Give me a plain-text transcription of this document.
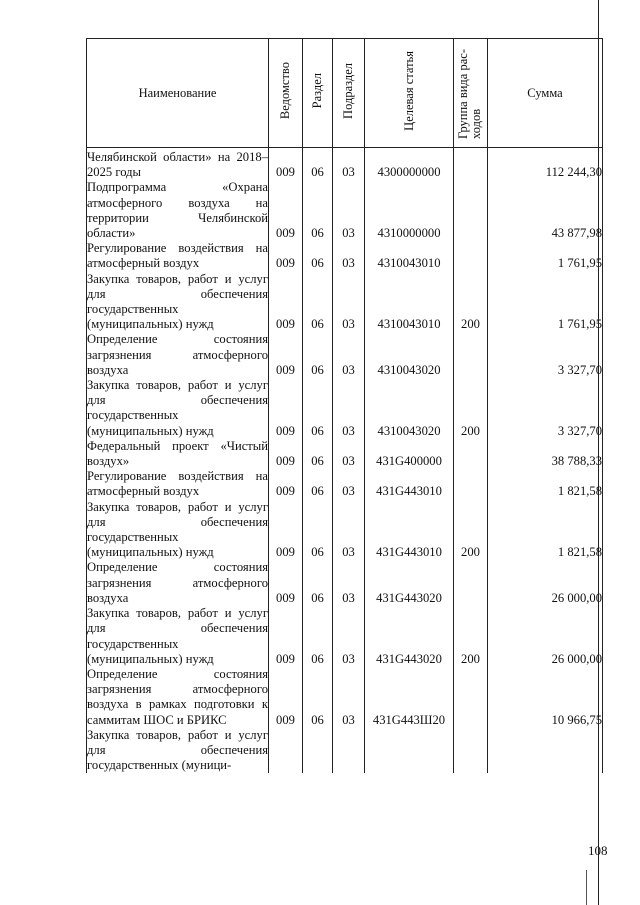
Наименование	Ведомство	Раздел	Подраздел	Целевая статья	Группа вида рас-ходов	Сумма
Челябинской области» на 2018–2025 годы	009	06	03	4300000000		112 244,30
Подпрограмма «Охрана атмосферного воздуха на территории Челябинской области»	009	06	03	4310000000		43 877,98
Регулирование воздействия на атмосферный воздух	009	06	03	4310043010		1 761,95
Закупка товаров, работ и услуг для обеспечения государственных (муниципальных) нужд	009	06	03	4310043010	200	1 761,95
Определение состояния загрязнения атмосферного воздуха	009	06	03	4310043020		3 327,70
Закупка товаров, работ и услуг для обеспечения государственных (муниципальных) нужд	009	06	03	4310043020	200	3 327,70
Федеральный проект «Чистый воздух»	009	06	03	431G400000		38 788,33
Регулирование воздействия на атмосферный воздух	009	06	03	431G443010		1 821,58
Закупка товаров, работ и услуг для обеспечения государственных (муниципальных) нужд	009	06	03	431G443010	200	1 821,58
Определение состояния загрязнения атмосферного воздуха	009	06	03	431G443020		26 000,00
Закупка товаров, работ и услуг для обеспечения государственных (муниципальных) нужд	009	06	03	431G443020	200	26 000,00
Определение состояния загрязнения атмосферного воздуха в рамках подготовки к саммитам ШОС и БРИКС	009	06	03	431G443Ш20		10 966,75
Закупка товаров, работ и услуг для обеспечения государственных (муници-						
108
